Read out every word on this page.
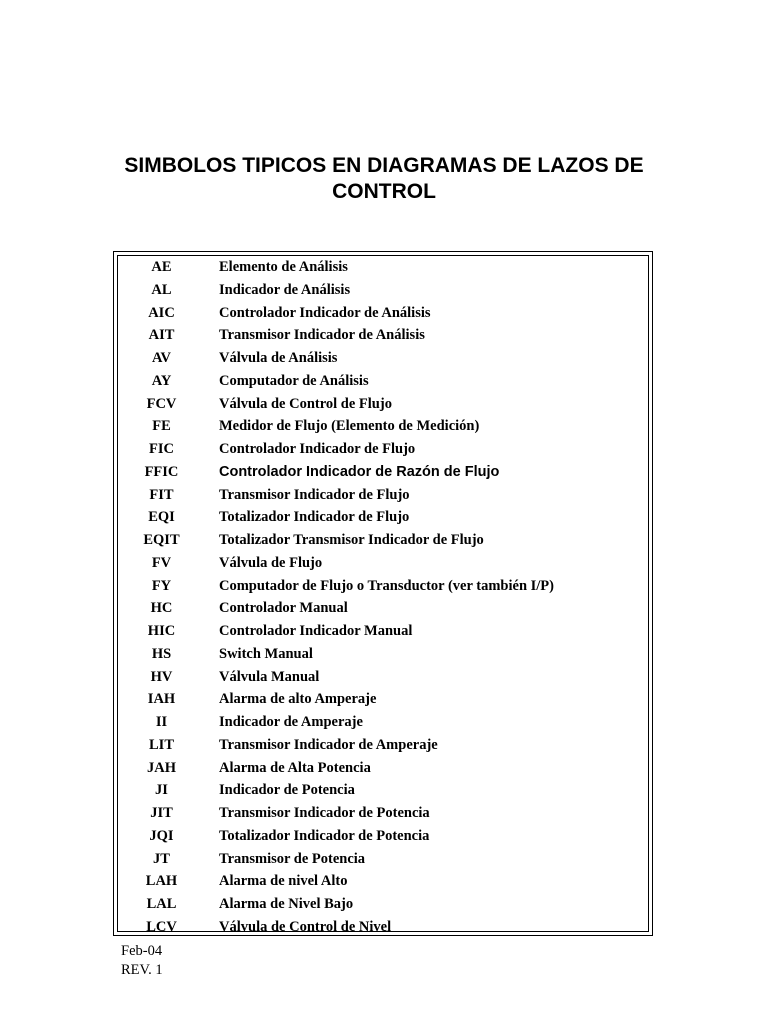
SIMBOLOS TIPICOS EN DIAGRAMAS DE LAZOS DE CONTROL
AE	Elemento de Análisis
AL	Indicador de Análisis
AIC	Controlador Indicador de Análisis
AIT	Transmisor Indicador de Análisis
AV	Válvula de Análisis
AY	Computador de Análisis
FCV	Válvula de Control de Flujo
FE	Medidor de Flujo (Elemento de Medición)
FIC	Controlador Indicador de Flujo
FFIC	Controlador Indicador de Razón de Flujo
FIT	Transmisor Indicador de Flujo
EQI	Totalizador Indicador de Flujo
EQIT	Totalizador Transmisor Indicador de Flujo
FV	Válvula de Flujo
FY	Computador de Flujo o Transductor (ver también I/P)
HC	Controlador Manual
HIC	Controlador Indicador Manual
HS	Switch Manual
HV	Válvula Manual
IAH	Alarma de alto Amperaje
II	Indicador de Amperaje
LIT	Transmisor Indicador de Amperaje
JAH	Alarma de Alta Potencia
JI	Indicador de Potencia
JIT	Transmisor Indicador de Potencia
JQI	Totalizador Indicador de Potencia
JT	Transmisor de Potencia
LAH	Alarma de nivel Alto
LAL	Alarma de Nivel Bajo
LCV	Válvula de Control de Nivel
Feb-04
REV. 1
